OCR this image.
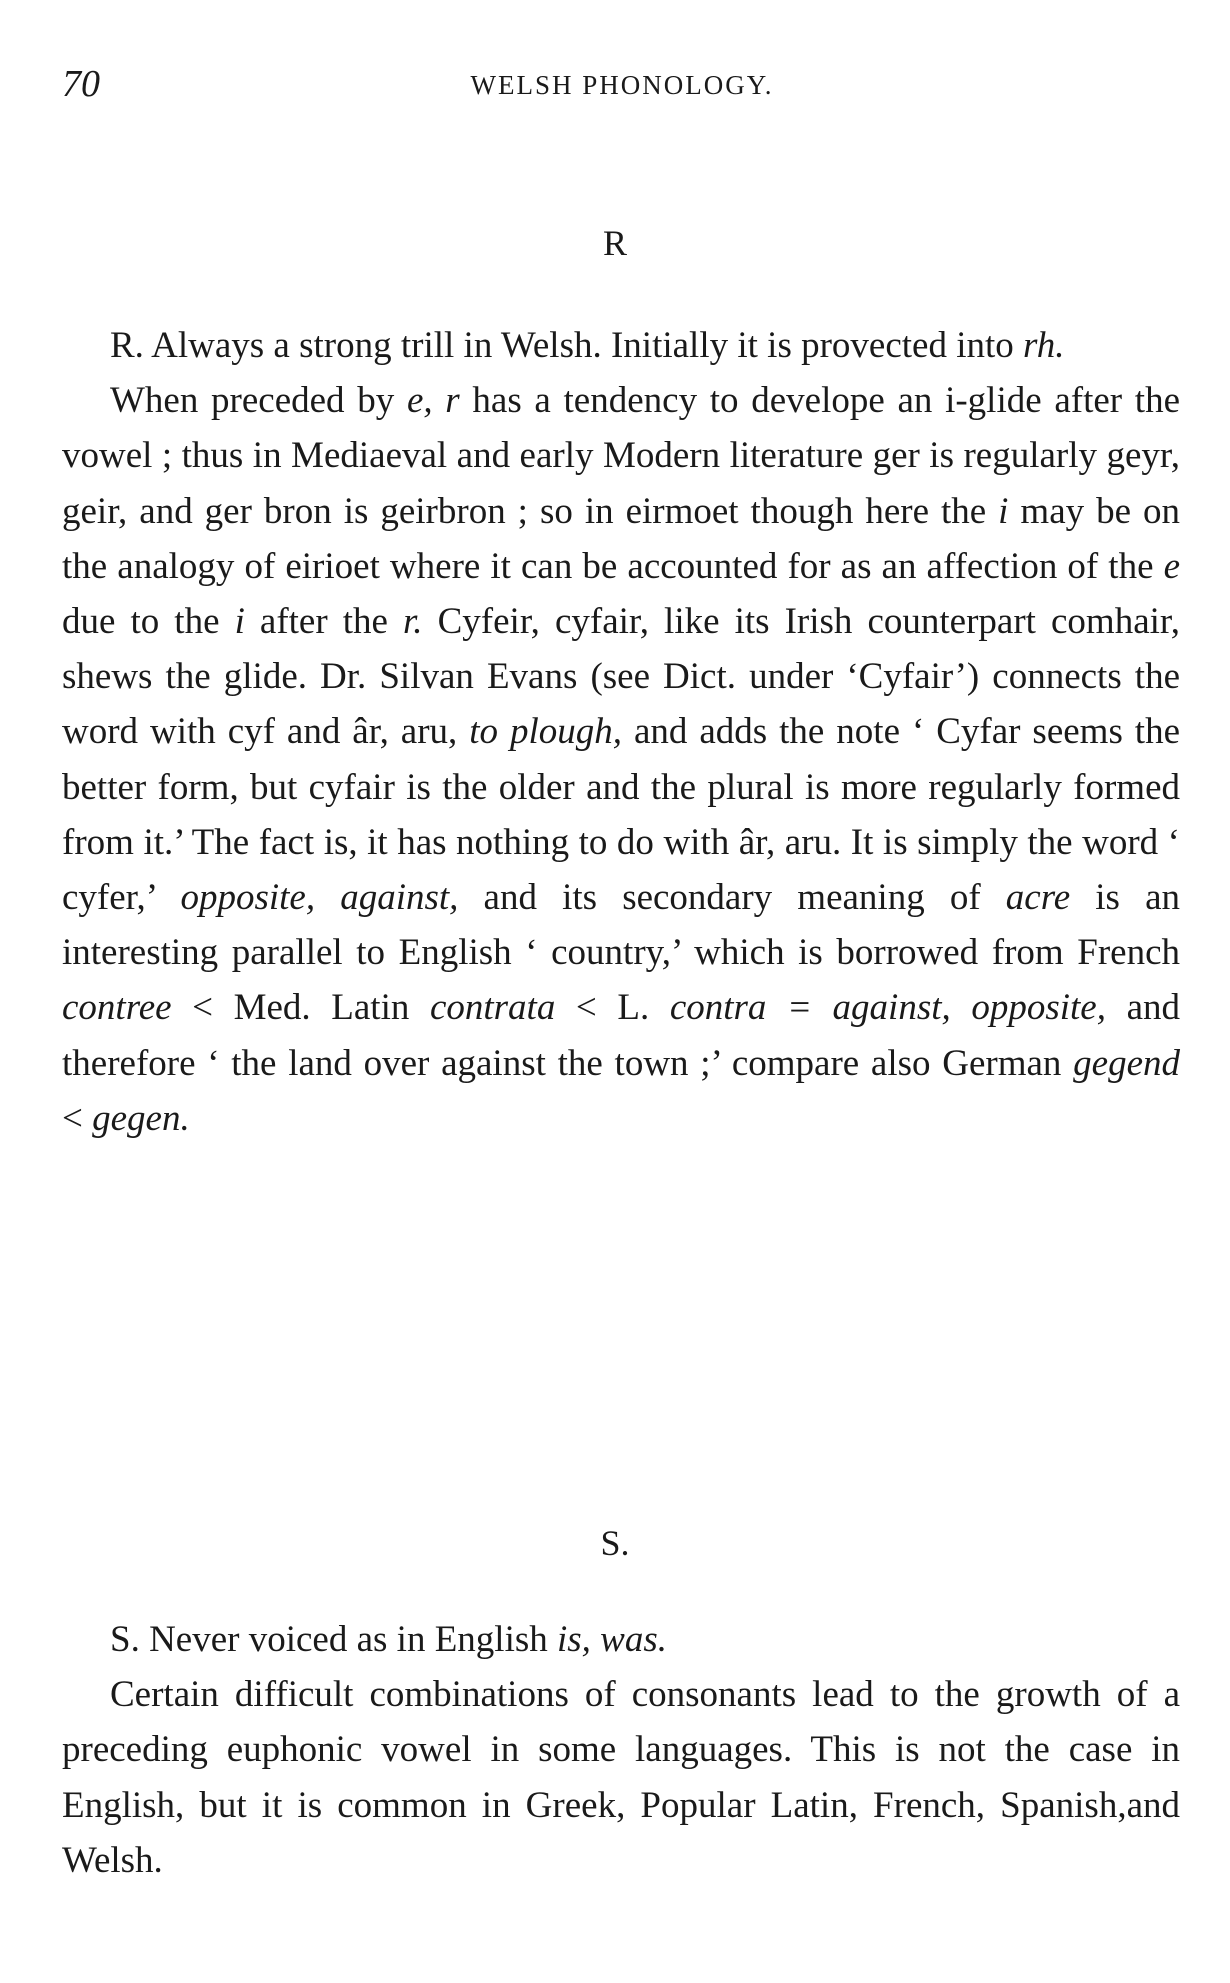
70	WELSH PHONOLOGY.
R

R. Always a strong trill in Welsh. Initially it is provected into rh.

When preceded by e, r has a tendency to develope an i-glide after the vowel ; thus in Mediaeval and early Modern literature ger is regularly geyr, geir, and ger bron is geirbron ; so in eirmoet though here the i may be on the analogy of eirioet where it can be accounted for as an affection of the e due to the i after the r. Cyfeir, cyfair, like its Irish counterpart comhair, shews the glide. Dr. Silvan Evans (see Dict. under ‘Cyfair’) connects the word with cyf and âr, aru, to plough, and adds the note ‘ Cyfar seems the better form, but cyfair is the older and the plural is more regularly formed from it.’ The fact is, it has nothing to do with âr, aru. It is simply the word ‘ cyfer,’ opposite, against, and its secondary meaning of acre is an interesting parallel to English ‘ country,’ which is borrowed from French contree < Med. Latin contrata < L. contra = against, opposite, and therefore ‘ the land over against the town ;’ compare also German gegend < gegen.

S.

S. Never voiced as in English is, was.

Certain difficult combinations of consonants lead to the growth of a preceding euphonic vowel in some languages. This is not the case in English, but it is common in Greek, Popular Latin, French, Spanish,and Welsh.
